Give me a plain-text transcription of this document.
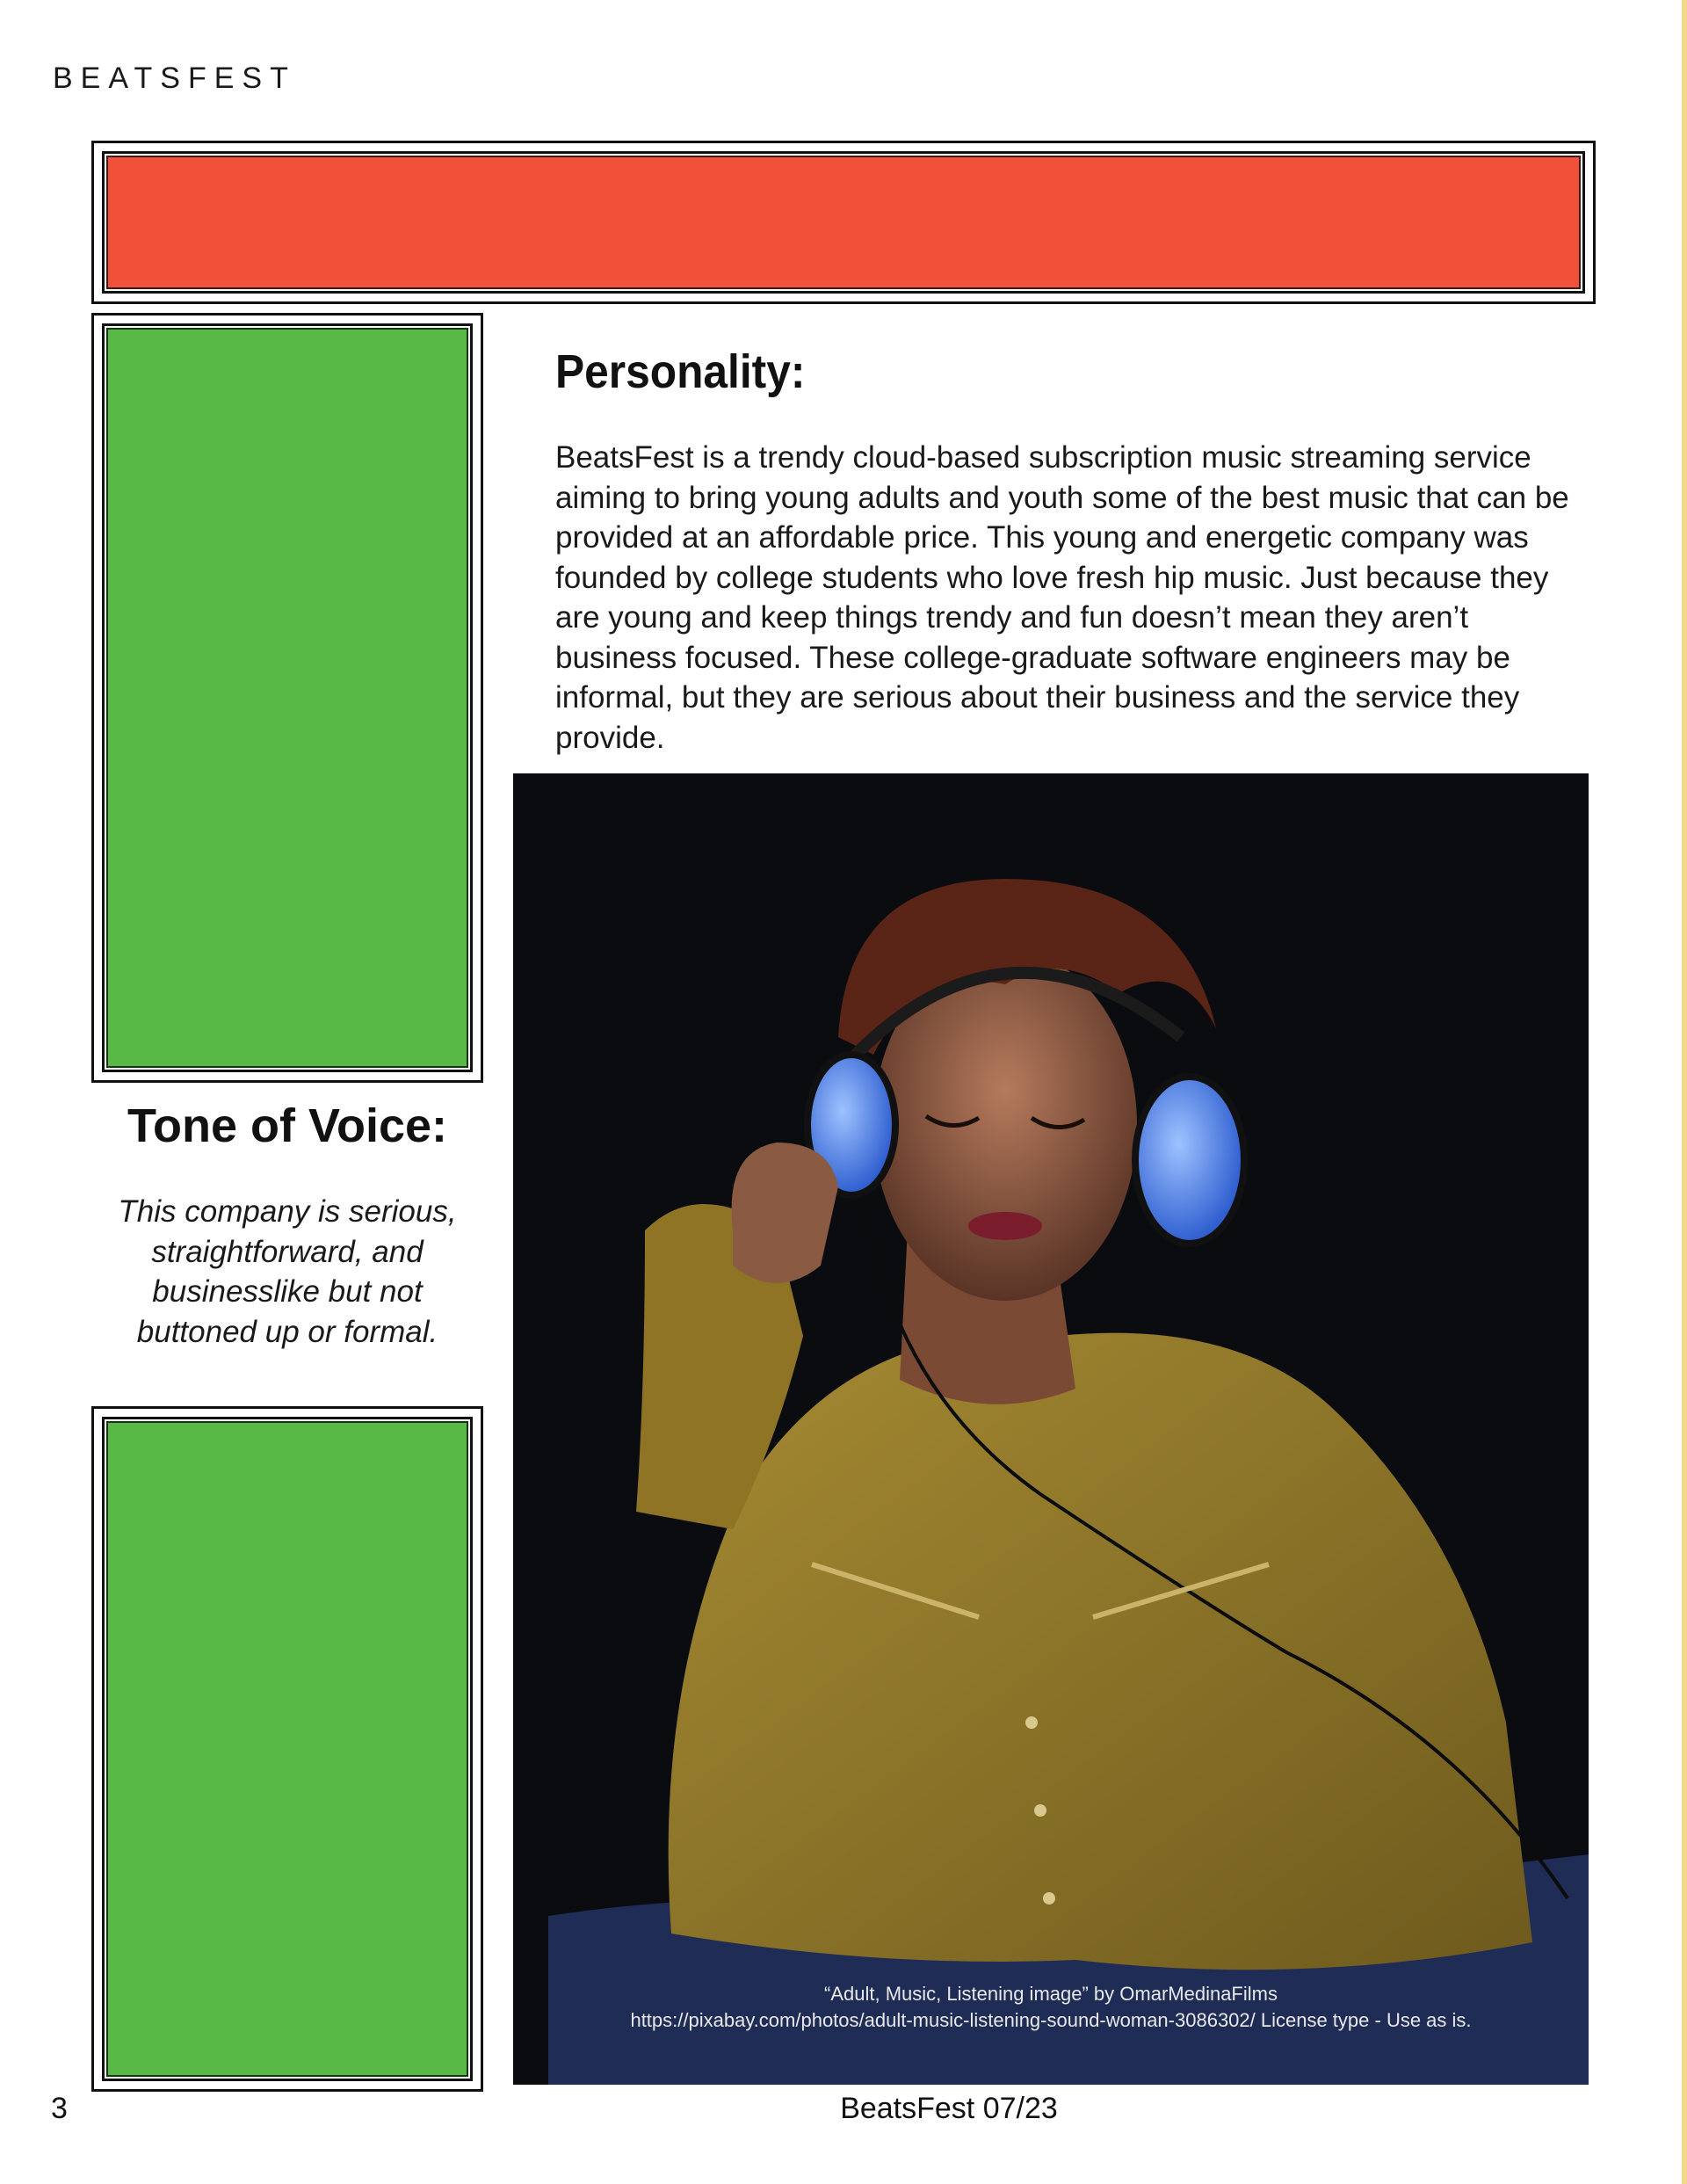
BEATSFEST
Personality:
BeatsFest is a trendy cloud-based subscription music streaming service aiming to bring young adults and youth some of the best music that can be provided at an affordable price. This young and energetic company was founded by college students who love fresh hip music. Just because they are young and keep things trendy and fun doesn’t mean they aren’t business focused. These college-graduate software engineers may be informal, but they are serious about their business and the service they provide.
Tone of Voice:
This company is serious, straightforward, and businesslike but not buttoned up or formal.
“Adult, Music, Listening image” by OmarMedinaFilms
https://pixabay.com/photos/adult-music-listening-sound-woman-3086302/ License type - Use as is.
3	BeatsFest 07/23
